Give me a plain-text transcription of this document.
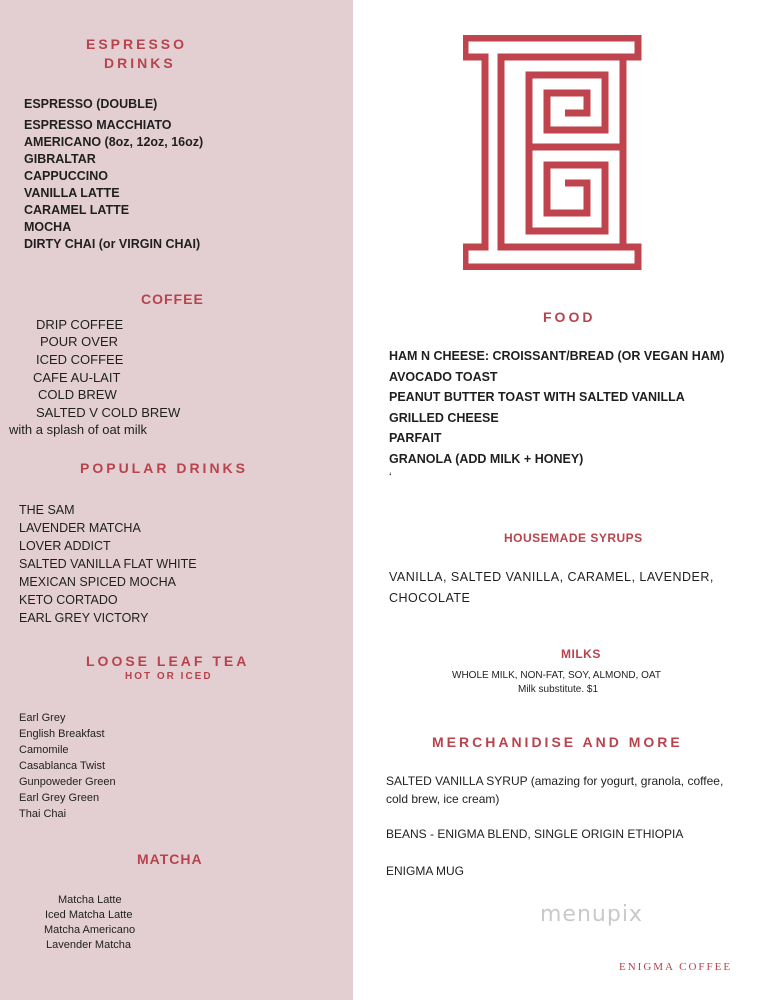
ESPRESSO
DRINKS
ESPRESSO (DOUBLE)
ESPRESSO MACCHIATO
AMERICANO (8oz, 12oz, 16oz)
GIBRALTAR
CAPPUCCINO
VANILLA LATTE
CARAMEL LATTE
MOCHA
DIRTY CHAI (or VIRGIN CHAI)
COFFEE
DRIP COFFEE
POUR OVER
ICED COFFEE
CAFE AU-LAIT
COLD BREW
SALTED V COLD BREW
with a splash of oat milk
POPULAR DRINKS
THE SAM
LAVENDER MATCHA
LOVER ADDICT
SALTED VANILLA FLAT WHITE
MEXICAN SPICED MOCHA
KETO CORTADO
EARL GREY VICTORY
LOOSE LEAF TEA
HOT OR ICED
Earl Grey
English Breakfast
Camomile
Casablanca Twist
Gunpoweder Green
Earl Grey Green
Thai Chai
MATCHA
Matcha Latte
Iced Matcha Latte
Matcha Americano
Lavender Matcha
FOOD
HAM N CHEESE: CROISSANT/BREAD (OR VEGAN HAM)
AVOCADO TOAST
PEANUT BUTTER TOAST WITH SALTED VANILLA
GRILLED CHEESE
PARFAIT
GRANOLA (ADD MILK + HONEY)
‘
HOUSEMADE SYRUPS
VANILLA, SALTED VANILLA, CARAMEL, LAVENDER,
CHOCOLATE
MILKS
WHOLE MILK, NON-FAT, SOY, ALMOND, OAT
Milk substitute. $1
MERCHANIDISE AND MORE
SALTED VANILLA SYRUP (amazing for yogurt, granola, coffee,
cold brew, ice cream)
BEANS - ENIGMA BLEND, SINGLE ORIGIN ETHIOPIA
ENIGMA MUG
menupix
ENIGMA COFFEE
